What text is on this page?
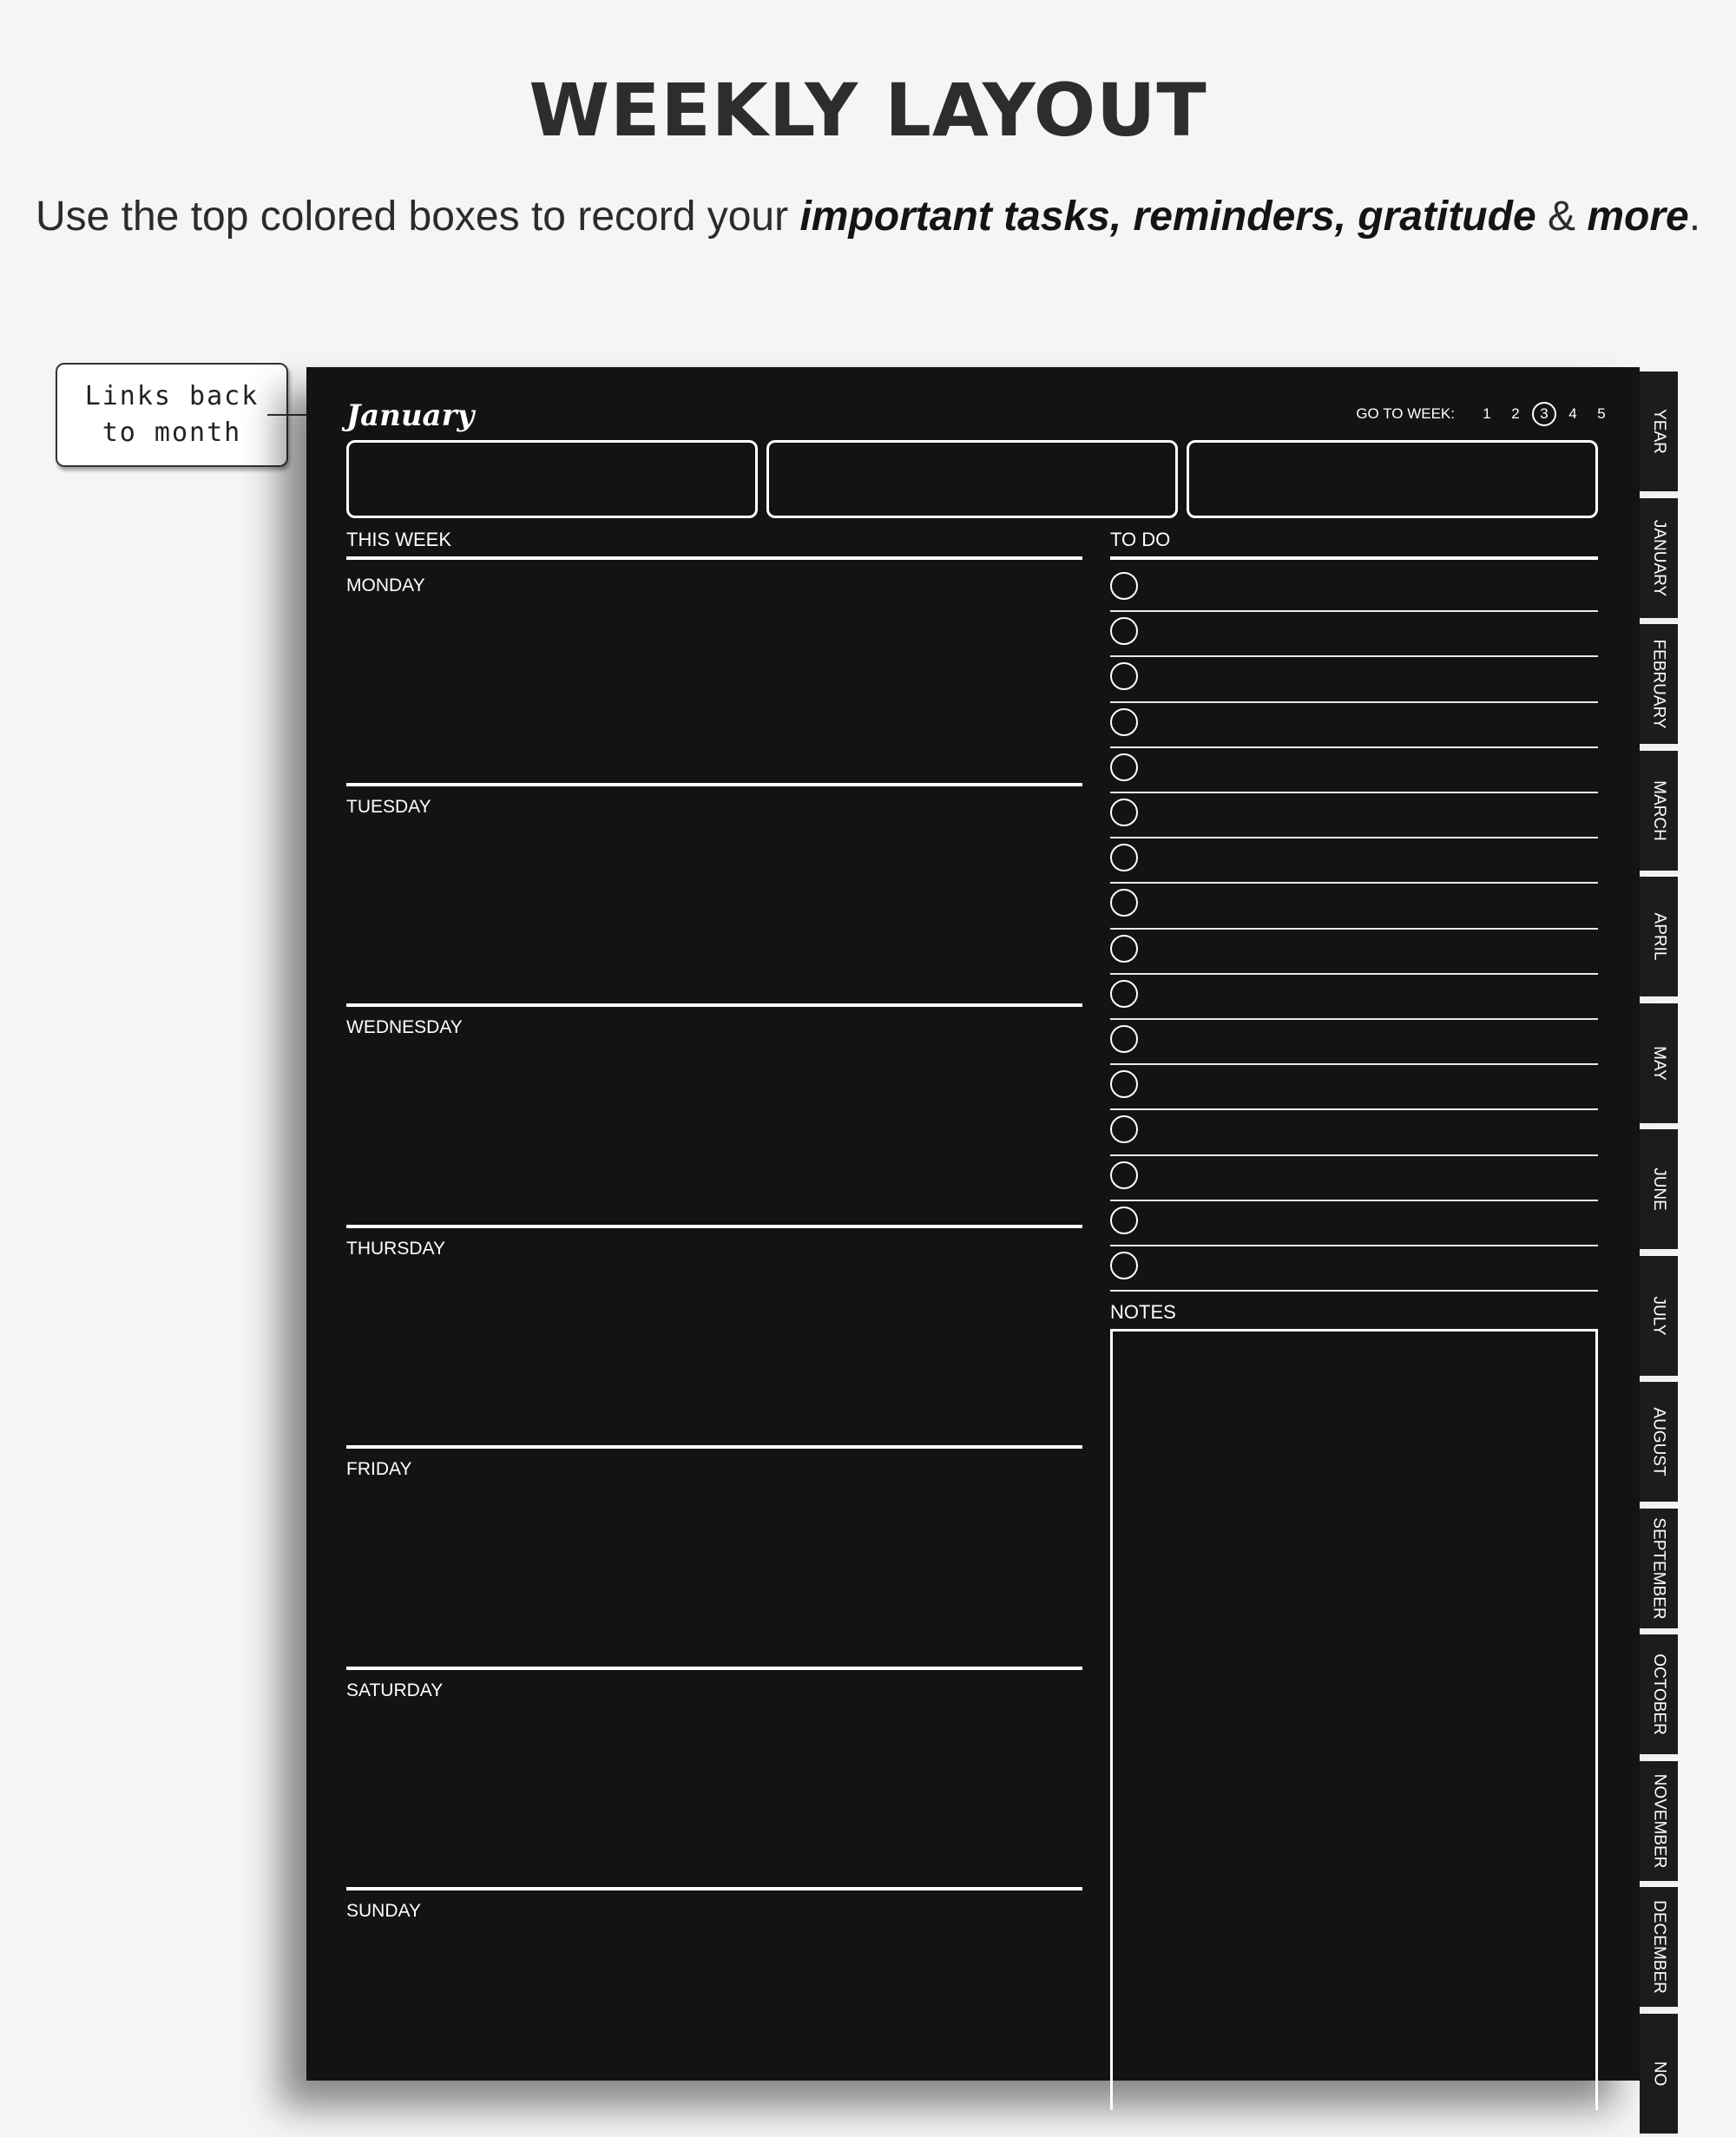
WEEKLY LAYOUT
Use the top colored boxes to record your important tasks, reminders, gratitude & more.
Links back
to month	January	GO TO WEEK:	1	2	3	4	5
THIS WEEK	TO DO
MONDAY
TUESDAY
WEDNESDAY
THURSDAY
FRIDAY
SATURDAY
SUNDAY
NOTES
YEAR
JANUARY
FEBRUARY
MARCH
APRIL
MAY
JUNE
JULY
AUGUST
SEPTEMBER
OCTOBER
NOVEMBER
DECEMBER
NO
